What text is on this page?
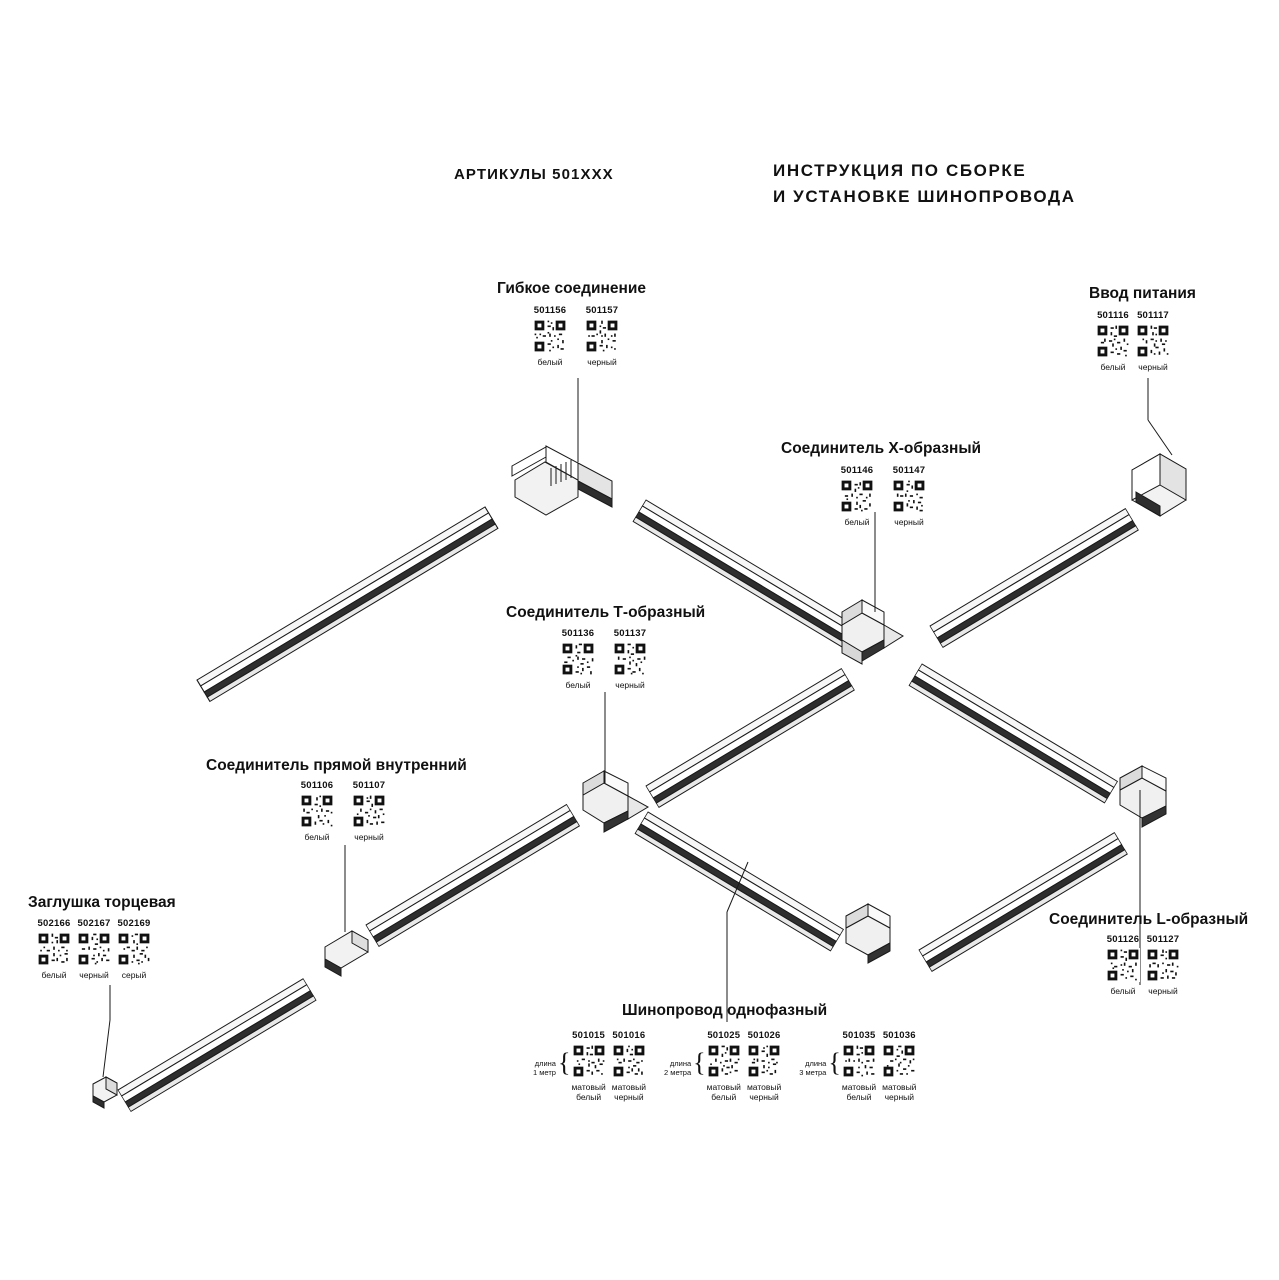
АРТИКУЛЫ 501XXX	ИНСТРУКЦИЯ ПО СБОРКЕ
И УСТАНОВКЕ ШИНОПРОВОДА
Гибкое соединение
501156
белый
501157
черный
Ввод питания
501116
белый
501117
черный
Соединитель X-образный
501146
белый
501147
черный
Соединитель Т-образный
501136
белый
501137
черный
Соединитель прямой внутренний
501106
белый
501107
черный
Заглушка торцевая
502166
белый
502167
черный
502169
серый
Соединитель L-образный
501126
белый
501127
черный
Шинопровод однофазный
длина
1 метр {
501015
матовый
белый
501016
матовый
черный
длина
2 метра {
501025
матовый
белый
501026
матовый
черный
длина
3 метра {
501035
матовый
белый
501036
матовый
черный
